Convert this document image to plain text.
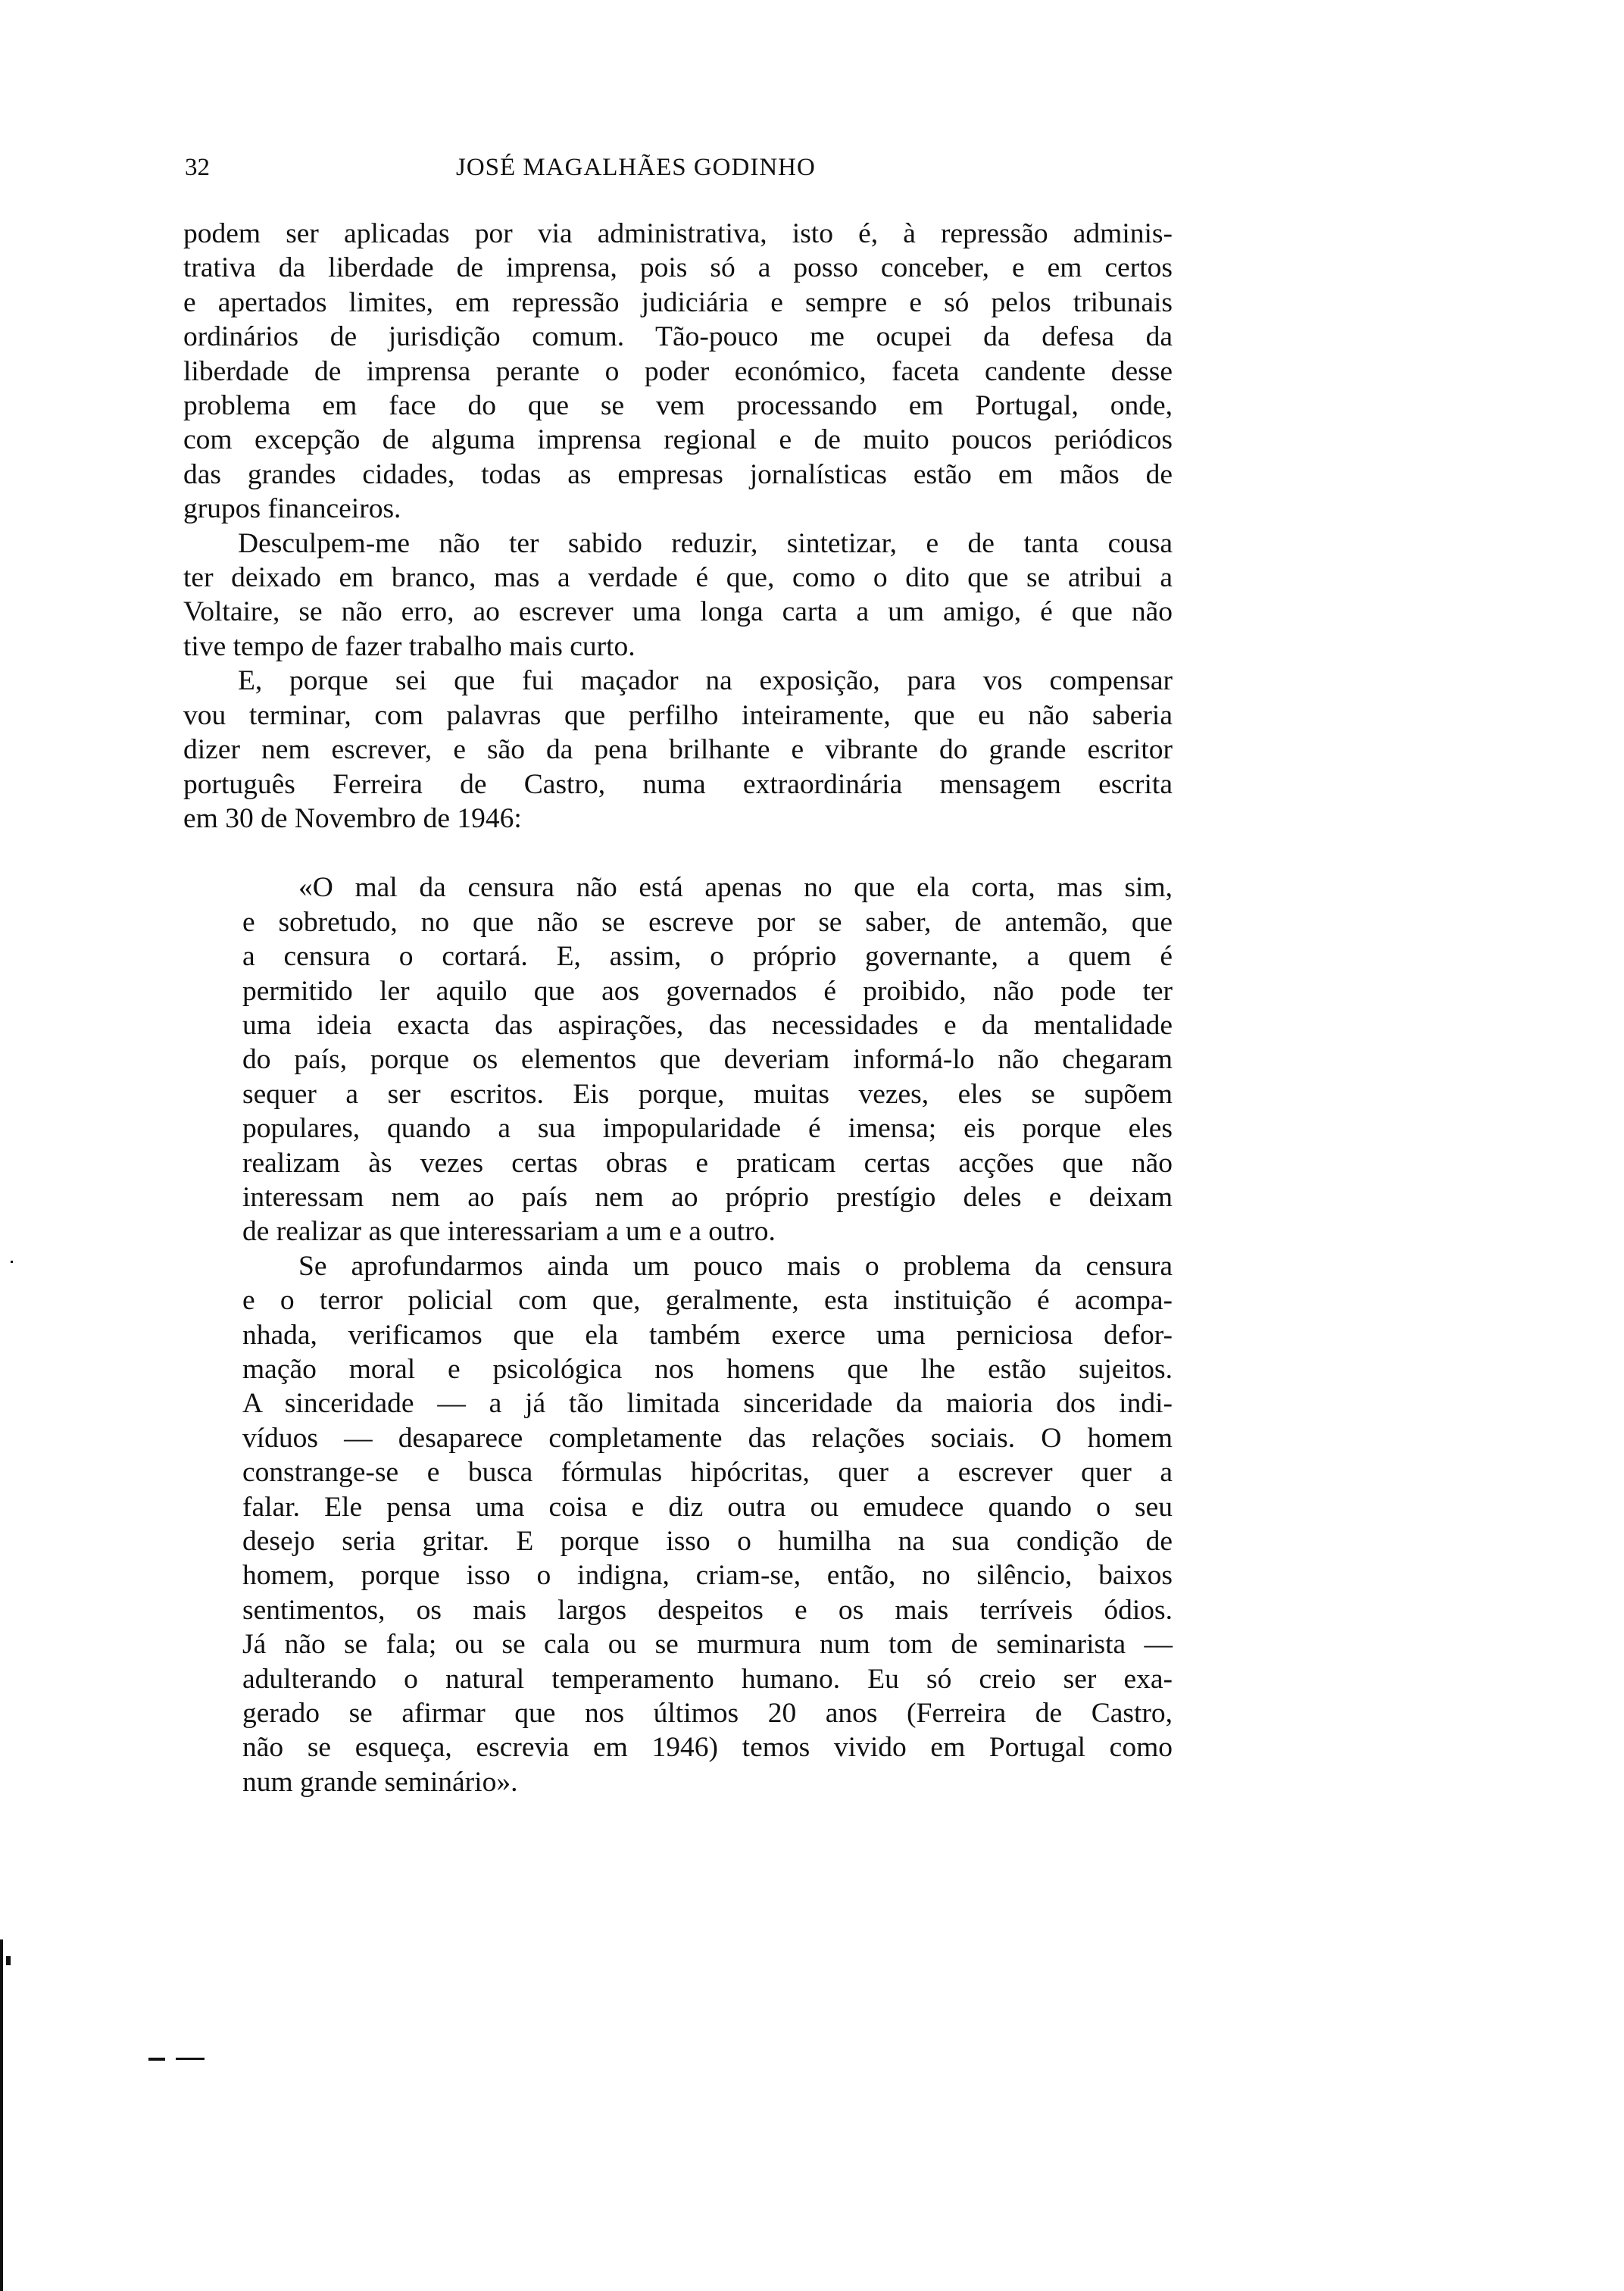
32	JOSÉ MAGALHÃES GODINHO
podem ser aplicadas por via administrativa, isto é, à repressão adminis-
trativa da liberdade de imprensa, pois só a posso conceber, e em certos
e apertados limites, em repressão judiciária e sempre e só pelos tribunais
ordinários de jurisdição comum. Tão-pouco me ocupei da defesa da
liberdade de imprensa perante o poder económico, faceta candente desse
problema em face do que se vem processando em Portugal, onde,
com excepção de alguma imprensa regional e de muito poucos periódicos
das grandes cidades, todas as empresas jornalísticas estão em mãos de
grupos financeiros.
Desculpem-me não ter sabido reduzir, sintetizar, e de tanta cousa
ter deixado em branco, mas a verdade é que, como o dito que se atribui a
Voltaire, se não erro, ao escrever uma longa carta a um amigo, é que não
tive tempo de fazer trabalho mais curto.
E, porque sei que fui maçador na exposição, para vos compensar
vou terminar, com palavras que perfilho inteiramente, que eu não saberia
dizer nem escrever, e são da pena brilhante e vibrante do grande escritor
português Ferreira de Castro, numa extraordinária mensagem escrita
em 30 de Novembro de 1946:
«O mal da censura não está apenas no que ela corta, mas sim,
e sobretudo, no que não se escreve por se saber, de antemão, que
a censura o cortará. E, assim, o próprio governante, a quem é
permitido ler aquilo que aos governados é proibido, não pode ter
uma ideia exacta das aspirações, das necessidades e da mentalidade
do país, porque os elementos que deveriam informá-lo não chegaram
sequer a ser escritos. Eis porque, muitas vezes, eles se supõem
populares, quando a sua impopularidade é imensa; eis porque eles
realizam às vezes certas obras e praticam certas acções que não
interessam nem ao país nem ao próprio prestígio deles e deixam
de realizar as que interessariam a um e a outro.
Se aprofundarmos ainda um pouco mais o problema da censura
e o terror policial com que, geralmente, esta instituição é acompa-
nhada, verificamos que ela também exerce uma perniciosa defor-
mação moral e psicológica nos homens que lhe estão sujeitos.
A sinceridade — a já tão limitada sinceridade da maioria dos indi-
víduos — desaparece completamente das relações sociais. O homem
constrange-se e busca fórmulas hipócritas, quer a escrever quer a
falar. Ele pensa uma coisa e diz outra ou emudece quando o seu
desejo seria gritar. E porque isso o humilha na sua condição de
homem, porque isso o indigna, criam-se, então, no silêncio, baixos
sentimentos, os mais largos despeitos e os mais terríveis ódios.
Já não se fala; ou se cala ou se murmura num tom de seminarista —
adulterando o natural temperamento humano. Eu só creio ser exa-
gerado se afirmar que nos últimos 20 anos (Ferreira de Castro,
não se esqueça, escrevia em 1946) temos vivido em Portugal como
num grande seminário».
